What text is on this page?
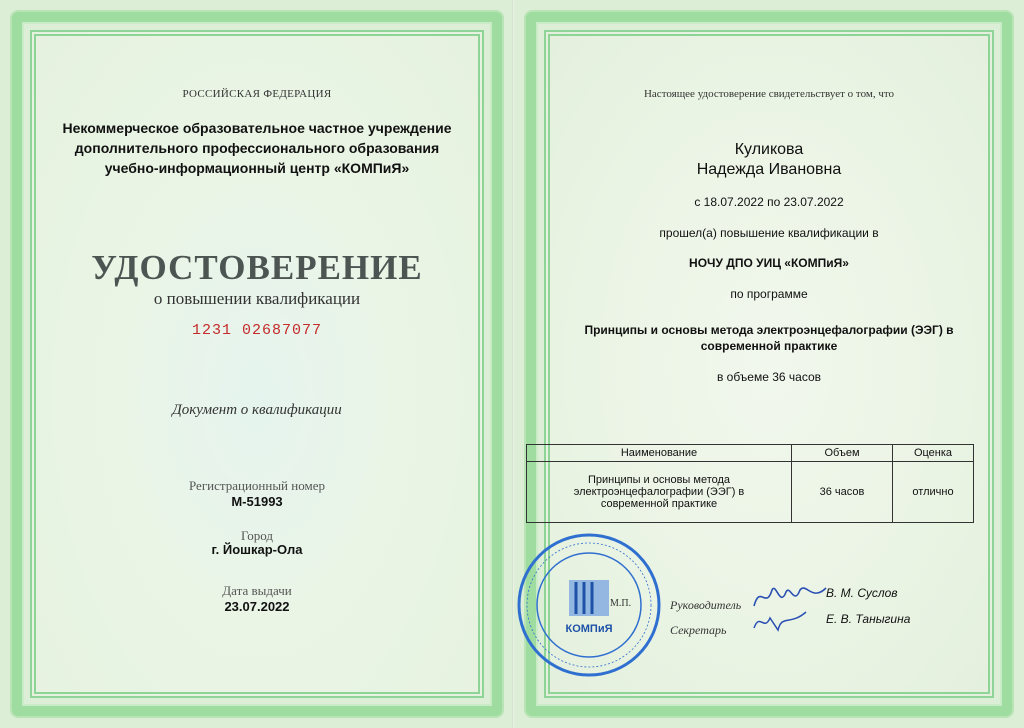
РОССИЙСКАЯ ФЕДЕРАЦИЯ
Некоммерческое образовательное частное учреждение
дополнительного профессионального образования
учебно-информационный центр «КОМПиЯ»
УДОСТОВЕРЕНИЕ
о повышении квалификации
1231 02687077
Документ о квалификации
Регистрационный номер
М-51993
Город
г. Йошкар-Ола
Дата выдачи
23.07.2022
Настоящее удостоверение свидетельствует о том, что
Куликова
Надежда Ивановна
с 18.07.2022 по 23.07.2022
прошел(а) повышение квалификации в
НОЧУ ДПО УИЦ «КОМПиЯ»
по программе
Принципы и основы метода электроэнцефалографии (ЭЭГ) в современной практике
в объеме 36 часов
Наименование	Объем	Оценка
Принципы и основы метода электроэнцефалографии (ЭЭГ) в современной практике	36 часов	отлично
КОМПиЯ
М.П.	Руководитель
В. М. Суслов
Секретарь
Е. В. Таныгина
